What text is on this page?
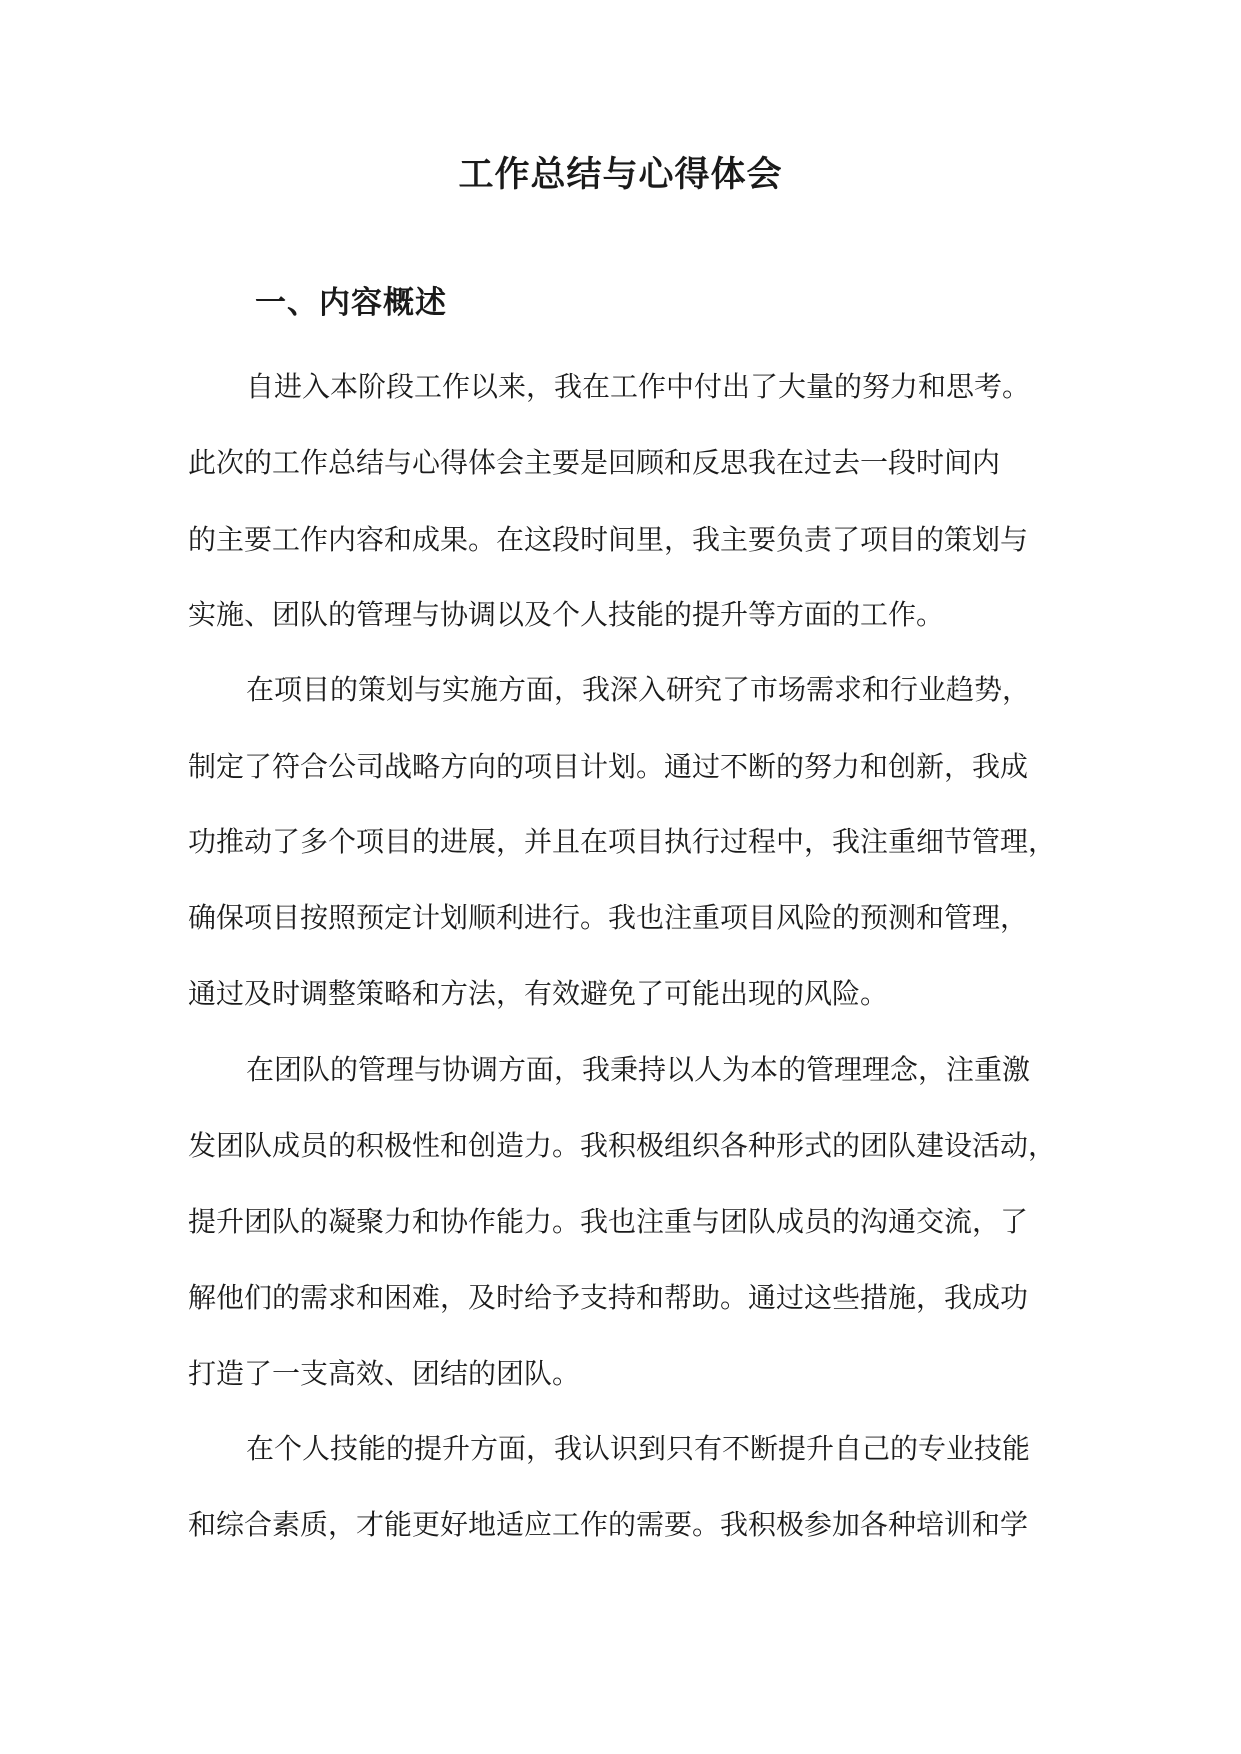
工作总结与心得体会
一、内容概述

自进入本阶段工作以来，我在工作中付出了大量的努力和思考。

此次的工作总结与心得体会主要是回顾和反思我在过去一段时间内

的主要工作内容和成果。在这段时间里，我主要负责了项目的策划与

实施、团队的管理与协调以及个人技能的提升等方面的工作。

在项目的策划与实施方面，我深入研究了市场需求和行业趋势，

制定了符合公司战略方向的项目计划。通过不断的努力和创新，我成

功推动了多个项目的进展，并且在项目执行过程中，我注重细节管理，

确保项目按照预定计划顺利进行。我也注重项目风险的预测和管理，

通过及时调整策略和方法，有效避免了可能出现的风险。

在团队的管理与协调方面，我秉持以人为本的管理理念，注重激

发团队成员的积极性和创造力。我积极组织各种形式的团队建设活动，

提升团队的凝聚力和协作能力。我也注重与团队成员的沟通交流，了

解他们的需求和困难，及时给予支持和帮助。通过这些措施，我成功

打造了一支高效、团结的团队。

在个人技能的提升方面，我认识到只有不断提升自己的专业技能

和综合素质，才能更好地适应工作的需要。我积极参加各种培训和学
